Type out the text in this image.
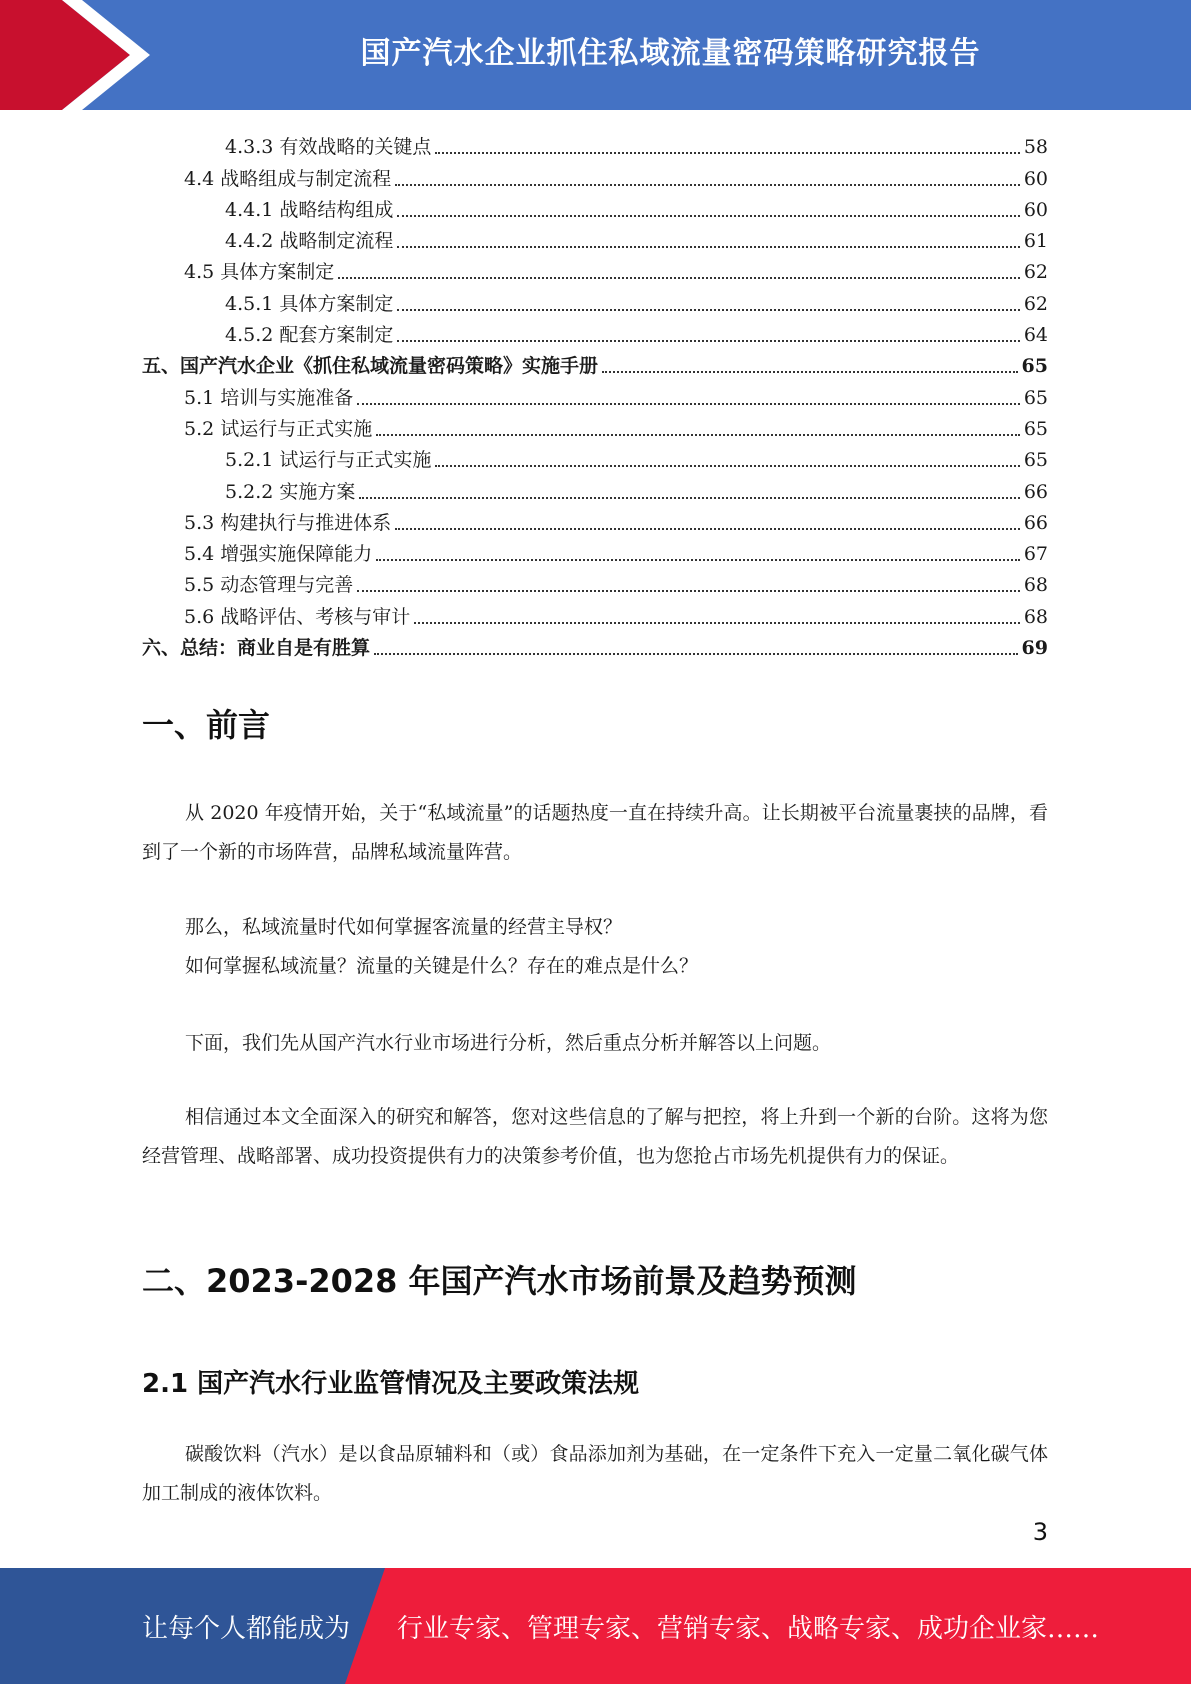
国产汽水企业抓住私域流量密码策略研究报告
4.3.3 有效战略的关键点	58
4.4 战略组成与制定流程	60
4.4.1 战略结构组成	60
4.4.2 战略制定流程	61
4.5 具体方案制定	62
4.5.1 具体方案制定	62
4.5.2 配套方案制定	64
五、国产汽水企业《抓住私域流量密码策略》实施手册	65
5.1 培训与实施准备	65
5.2 试运行与正式实施	65
5.2.1 试运行与正式实施	65
5.2.2 实施方案	66
5.3 构建执行与推进体系	66
5.4 增强实施保障能力	67
5.5 动态管理与完善	68
5.6 战略评估、考核与审计	68
六、总结：商业自是有胜算	69
一、前言

从 2020 年疫情开始，关于“私域流量”的话题热度一直在持续升高。让长期被平台流量裹挟的品牌，看到了一个新的市场阵营，品牌私域流量阵营。

那么，私域流量时代如何掌握客流量的经营主导权？
如何掌握私域流量？流量的关键是什么？存在的难点是什么？

下面，我们先从国产汽水行业市场进行分析，然后重点分析并解答以上问题。

相信通过本文全面深入的研究和解答，您对这些信息的了解与把控，将上升到一个新的台阶。这将为您经营管理、战略部署、成功投资提供有力的决策参考价值，也为您抢占市场先机提供有力的保证。

二、2023-2028 年国产汽水市场前景及趋势预测
2.1 国产汽水行业监管情况及主要政策法规

碳酸饮料（汽水）是以食品原辅料和（或）食品添加剂为基础，在一定条件下充入一定量二氧化碳气体加工制成的液体饮料。

3
让每个人都能成为 行业专家、管理专家、营销专家、战略专家、成功企业家……
